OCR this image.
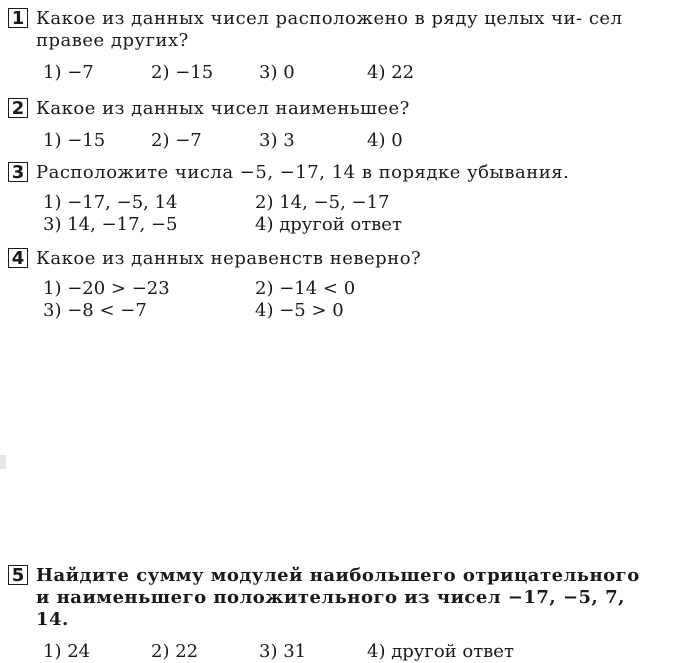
1 Какое из данных чисел расположено в ряду целых чи- сел правее других?
1) −7	2) −15	3) 0	4) 22
2 Какое из данных чисел наименьшее?
1) −15	2) −7	3) 3	4) 0
3 Расположите числа −5, −17, 14 в порядке убывания.
1) −17, −5, 14	2) 14, −5, −17
3) 14, −17, −5	4) другой ответ
4 Какое из данных неравенств неверно?
1) −20 > −23	2) −14 < 0
3) −8 < −7	4) −5 > 0
5 Найдите сумму модулей наибольшего отрицательного и наименьшего положительного из чисел −17, −5, 7, 14.
1) 24	2) 22	3) 31	4) другой ответ
